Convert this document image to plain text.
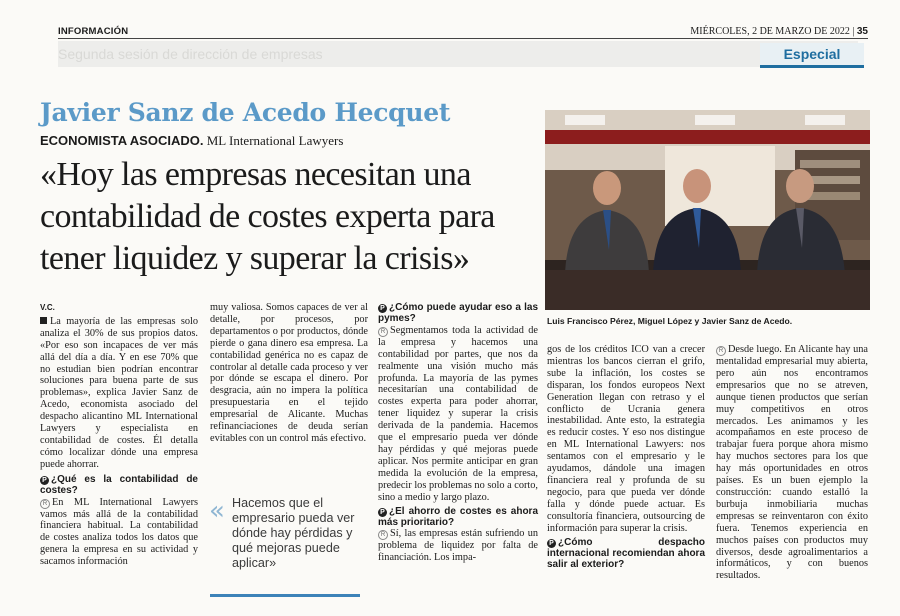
INFORMACIÓN	MIÉRCOLES, 2 DE MARZO DE 2022 | 35
Segunda sesión de dirección de empresas	Especial
Javier Sanz de Acedo Hecquet
ECONOMISTA ASOCIADO. ML International Lawyers
«Hoy las empresas necesitan una contabilidad de costes experta para tener liquidez y superar la crisis»
Luis Francisco Pérez, Miguel López y Javier Sanz de Acedo.

V.C.

La mayoría de las empresas solo analiza el 30% de sus propios datos. «Por eso son incapaces de ver más allá del día a día. Y en ese 70% que no estudian bien podrían encontrar soluciones para buena parte de sus problemas», explica Javier Sanz de Acedo, economista asociado del despacho alicantino ML International Lawyers y especialista en contabilidad de costes. Él detalla cómo localizar dónde una empresa puede ahorrar.

P ¿Qué es la contabilidad de costes?

R En ML International Lawyers vamos más allá de la contabilidad financiera habitual. La contabilidad de costes analiza todos los datos que genera la empresa en su actividad y sacamos información

muy valiosa. Somos capaces de ver al detalle, por procesos, por departamentos o por productos, dónde pierde o gana dinero esa empresa. La contabilidad genérica no es capaz de controlar al detalle cada proceso y ver por dónde se escapa el dinero. Por desgracia, aún no impera la política presupuestaria en el tejido empresarial de Alicante. Muchas refinanciaciones de deuda serían evitables con un control más efectivo.

« Hacemos que el empresario pueda ver dónde hay pérdidas y qué mejoras puede aplicar»

P ¿Cómo puede ayudar eso a las pymes?

R Segmentamos toda la actividad de la empresa y hacemos una contabilidad por partes, que nos da realmente una visión mucho más profunda. La mayoría de las pymes necesitarían una contabilidad de costes experta para poder ahorrar, tener liquidez y superar la crisis derivada de la pandemia. Hacemos que el empresario pueda ver dónde hay pérdidas y qué mejoras puede aplicar. Nos permite anticipar en gran medida la evolución de la empresa, predecir los problemas no solo a corto, sino a medio y largo plazo.

P ¿El ahorro de costes es ahora más prioritario?

R Sí, las empresas están sufriendo un problema de liquidez por falta de financiación. Los impa-

gos de los créditos ICO van a crecer mientras los bancos cierran el grifo, sube la inflación, los costes se disparan, los fondos europeos Next Generation llegan con retraso y el conflicto de Ucrania genera inestabilidad. Ante esto, la estrategia es reducir costes. Y eso nos distingue en ML International Lawyers: nos sentamos con el empresario y le ayudamos, dándole una imagen financiera real y profunda de su negocio, para que pueda ver dónde falla y dónde puede actuar. Es consultoría financiera, outsourcing de información para superar la crisis.

P ¿Cómo despacho internacional recomiendan ahora salir al exterior?

R Desde luego. En Alicante hay una mentalidad empresarial muy abierta, pero aún nos encontramos empresarios que no se atreven, aunque tienen productos que serían muy competitivos en otros mercados. Les animamos y les acompañamos en este proceso de trabajar fuera porque ahora mismo hay muchos sectores para los que hay más oportunidades en otros países. Es un buen ejemplo la construcción: cuando estalló la burbuja inmobiliaria muchas empresas se reinventaron con éxito fuera. Tenemos experiencia en muchos países con productos muy diversos, desde agroalimentarios a informáticos, y con buenos resultados.
